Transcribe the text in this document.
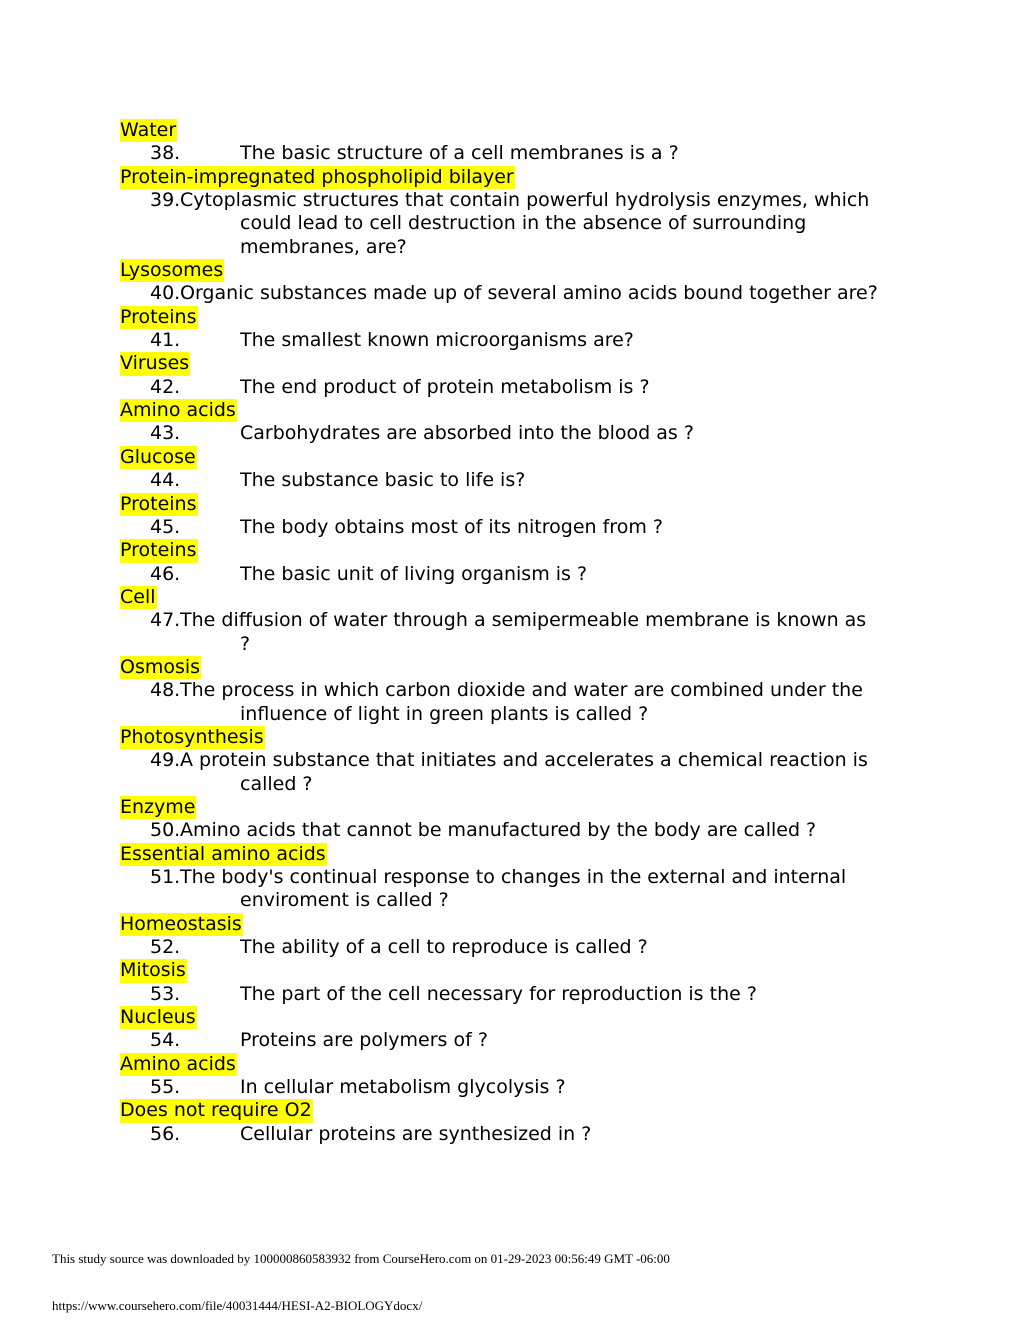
Water
38.	The basic structure of a cell membranes is a ?
Protein-impregnated phospholipid bilayer
39. Cytoplasmic structures that contain powerful hydrolysis enzymes, which could lead to cell destruction in the absence of surrounding membranes, are?
Lysosomes
40. Organic substances made up of several amino acids bound together are?
Proteins
41.	The smallest known microorganisms are?
Viruses
42.	The end product of protein metabolism is ?
Amino acids
43.	Carbohydrates are absorbed into the blood as ?
Glucose
44.	The substance basic to life is?
Proteins
45.	The body obtains most of its nitrogen from ?
Proteins
46.	The basic unit of living organism is ?
Cell
47. The diffusion of water through a semipermeable membrane is known as ?
Osmosis
48. The process in which carbon dioxide and water are combined under the influence of light in green plants is called ?
Photosynthesis
49. A protein substance that initiates and accelerates a chemical reaction is called ?
Enzyme
50. Amino acids that cannot be manufactured by the body are called ?
Essential amino acids
51. The body's continual response to changes in the external and internal enviroment is called ?
Homeostasis
52.	The ability of a cell to reproduce is called ?
Mitosis
53.	The part of the cell necessary for reproduction is the ?
Nucleus
54.	Proteins are polymers of ?
Amino acids
55.	In cellular metabolism glycolysis ?
Does not require O2
56.	Cellular proteins are synthesized in ?
This study source was downloaded by 100000860583932 from CourseHero.com on 01-29-2023 00:56:49 GMT -06:00
https://www.coursehero.com/file/40031444/HESI-A2-BIOLOGYdocx/
